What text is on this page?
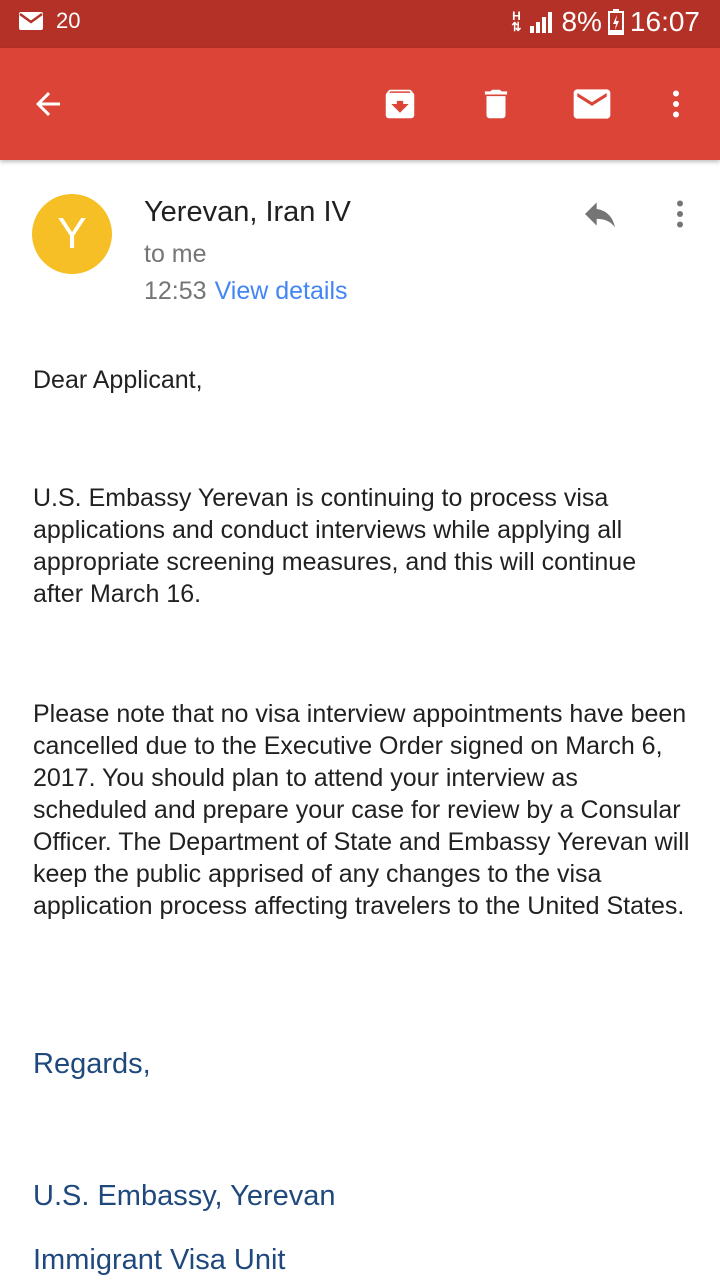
20	H
⇅ 8% 16:07
Y	Yerevan, Iran IV
to me
12:53 View details
Dear Applicant,
U.S. Embassy Yerevan is continuing to process visa applications and conduct interviews while applying all appropriate screening measures, and this will continue after March 16.
Please note that no visa interview appointments have been cancelled due to the Executive Order signed on March 6, 2017. You should plan to attend your interview as scheduled and prepare your case for review by a Consular Officer. The Department of State and Embassy Yerevan will keep the public apprised of any changes to the visa application process affecting travelers to the United States.
Regards,
U.S. Embassy, Yerevan
Immigrant Visa Unit
